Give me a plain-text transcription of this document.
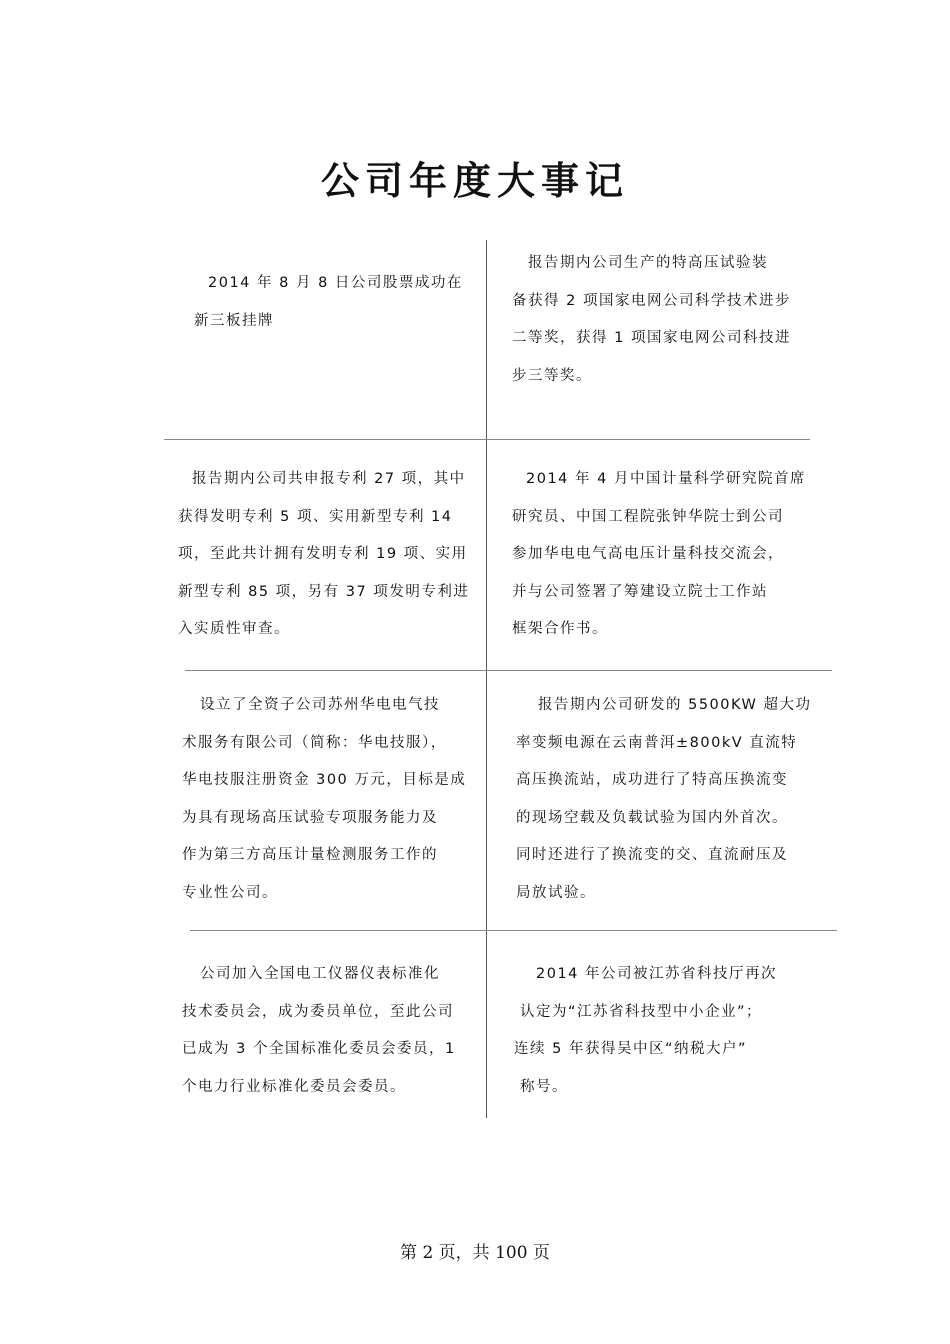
公司年度大事记
2014 年 8 月 8 日公司股票成功在
新三板挂牌
报告期内公司生产的特高压试验装
备获得 2 项国家电网公司科学技术进步
二等奖，获得 1 项国家电网公司科技进
步三等奖。
报告期内公司共申报专利 27 项，其中
获得发明专利 5 项、实用新型专利 14
项，至此共计拥有发明专利 19 项、实用
新型专利 85 项，另有 37 项发明专利进
入实质性审查。
2014 年 4 月中国计量科学研究院首席
研究员、中国工程院张钟华院士到公司
参加华电电气高电压计量科技交流会，
并与公司签署了筹建设立院士工作站
框架合作书。
设立了全资子公司苏州华电电气技
术服务有限公司（简称：华电技服），
华电技服注册资金 300 万元，目标是成
为具有现场高压试验专项服务能力及
作为第三方高压计量检测服务工作的
专业性公司。
报告期内公司研发的 5500KW 超大功
率变频电源在云南普洱±800kV 直流特
高压换流站，成功进行了特高压换流变
的现场空载及负载试验为国内外首次。
同时还进行了换流变的交、直流耐压及
局放试验。
公司加入全国电工仪器仪表标准化
技术委员会，成为委员单位，至此公司
已成为 3 个全国标准化委员会委员，1
个电力行业标准化委员会委员。
2014 年公司被江苏省科技厅再次
认定为“江苏省科技型中小企业”；
连续 5 年获得吴中区“纳税大户”
称号。
第 2 页，共 100 页
